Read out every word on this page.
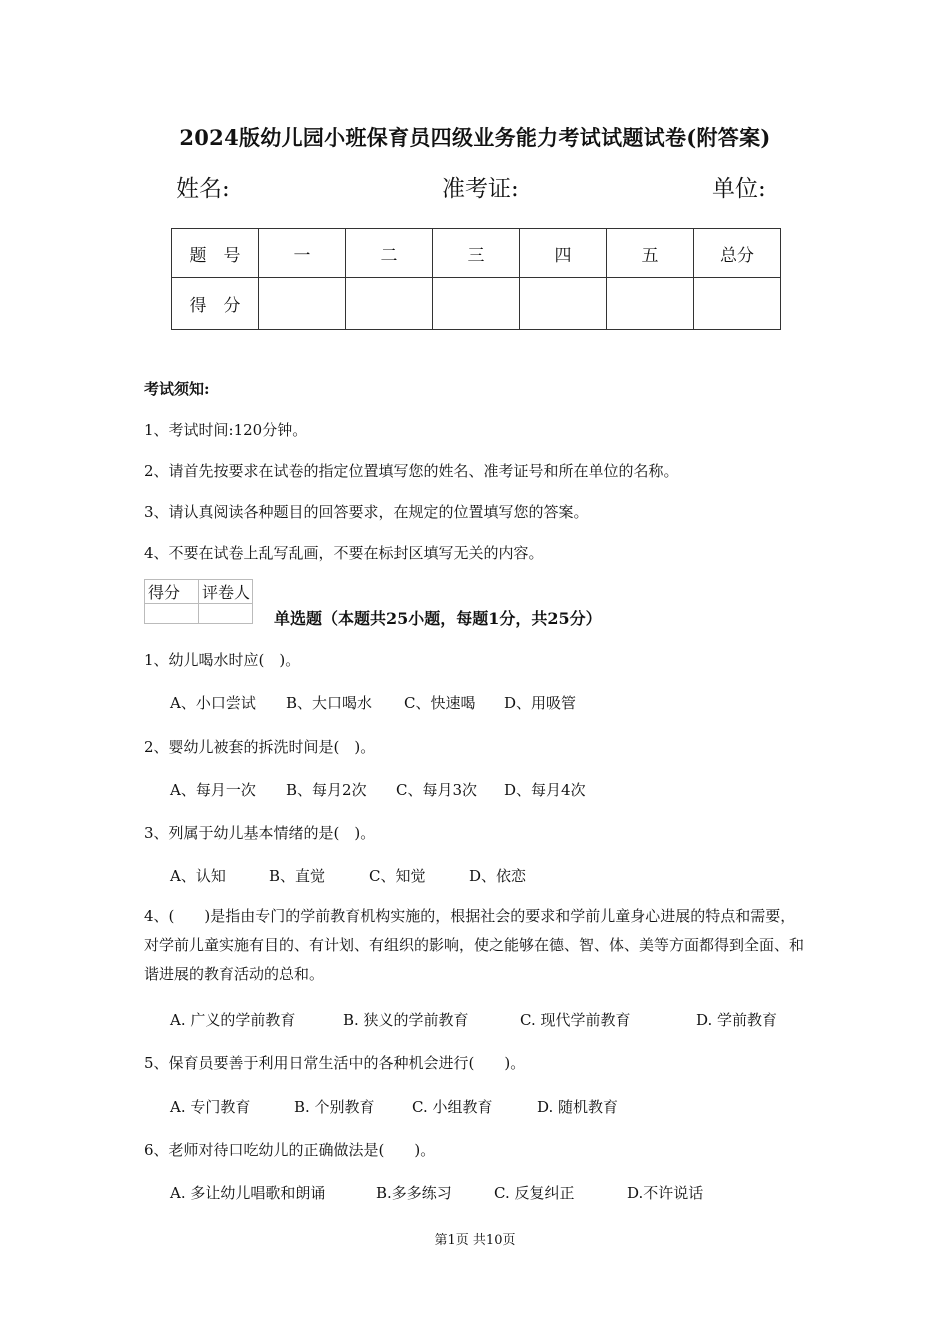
2024版幼儿园小班保育员四级业务能力考试试题试卷(附答案)
姓名:	准考证:	单位:
题　号	一	二	三	四	五	总分
得　分						
考试须知:
1、考试时间:120分钟。
2、请首先按要求在试卷的指定位置填写您的姓名、准考证号和所在单位的名称。
3、请认真阅读各种题目的回答要求，在规定的位置填写您的答案。
4、不要在试卷上乱写乱画，不要在标封区填写无关的内容。
得分	评卷人

单选题（本题共25小题，每题1分，共25分）
1、幼儿喝水时应(　)。
A、小口尝试 B、大口喝水 C、快速喝 D、用吸管
2、婴幼儿被套的拆洗时间是(　)。
A、每月一次 B、每月2次 C、每月3次 D、每月4次
3、列属于幼儿基本情绪的是(　)。
A、认知	B、直觉	C、知觉	D、依恋
4、(　　)是指由专门的学前教育机构实施的，根据社会的要求和学前儿童身心进展的特点和需要，对学前儿童实施有目的、有计划、有组织的影响，使之能够在德、智、体、美等方面都得到全面、和谐进展的教育活动的总和。
A. 广义的学前教育	B. 狭义的学前教育	C. 现代学前教育	D. 学前教育
5、保育员要善于利用日常生活中的各种机会进行(　　)。
A. 专门教育	B. 个别教育 C. 小组教育	D. 随机教育
6、老师对待口吃幼儿的正确做法是(　　)。
A. 多让幼儿唱歌和朗诵	B.多多练习	C. 反复纠正	D.不许说话
第1页 共10页
